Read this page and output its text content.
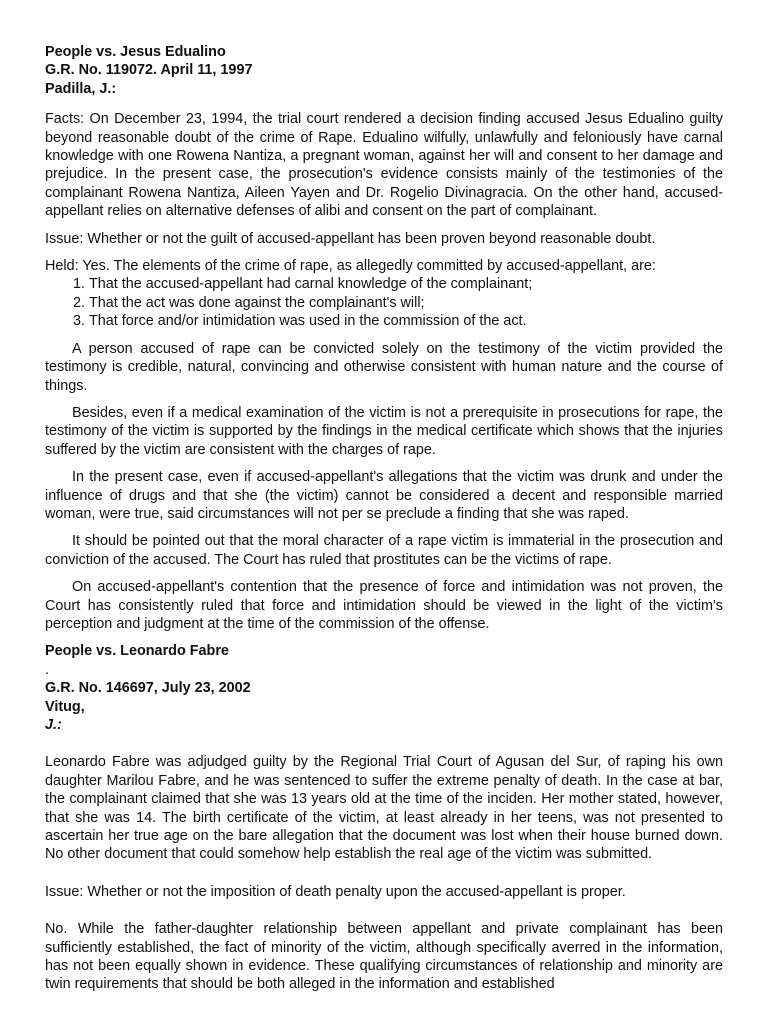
People vs. Jesus Edualino
G.R. No. 119072. April 11, 1997
Padilla, J.:

Facts: On December 23, 1994, the trial court rendered a decision finding accused Jesus Edualino guilty beyond reasonable doubt of the crime of Rape. Edualino wilfully, unlawfully and feloniously have carnal knowledge with one Rowena Nantiza, a pregnant woman, against her will and consent to her damage and prejudice. In the present case, the prosecution's evidence consists mainly of the testimonies of the complainant Rowena Nantiza, Aileen Yayen and Dr. Rogelio Divinagracia. On the other hand, accused-appellant relies on alternative defenses of alibi and consent on the part of complainant.

Issue: Whether or not the guilt of accused-appellant has been proven beyond reasonable doubt.

Held: Yes. The elements of the crime of rape, as allegedly committed by accused-appellant, are:

1. That the accused-appellant had carnal knowledge of the complainant;
2. That the act was done against the complainant's will;
3. That force and/or intimidation was used in the commission of the act.

A person accused of rape can be convicted solely on the testimony of the victim provided the testimony is credible, natural, convincing and otherwise consistent with human nature and the course of things.

Besides, even if a medical examination of the victim is not a prerequisite in prosecutions for rape, the testimony of the victim is supported by the findings in the medical certificate which shows that the injuries suffered by the victim are consistent with the charges of rape.

In the present case, even if accused-appellant's allegations that the victim was drunk and under the influence of drugs and that she (the victim) cannot be considered a decent and responsible married woman, were true, said circumstances will not per se preclude a finding that she was raped.

It should be pointed out that the moral character of a rape victim is immaterial in the prosecution and conviction of the accused. The Court has ruled that prostitutes can be the victims of rape.

On accused-appellant's contention that the presence of force and intimidation was not proven, the Court has consistently ruled that force and intimidation should be viewed in the light of the victim's perception and judgment at the time of the commission of the offense.

People vs. Leonardo Fabre
.
G.R. No. 146697, July 23, 2002
Vitug,
J.:

Leonardo Fabre was adjudged guilty by the Regional Trial Court of Agusan del Sur, of raping his own daughter Marilou Fabre, and he was sentenced to suffer the extreme penalty of death. In the case at bar, the complainant claimed that she was 13 years old at the time of the inciden. Her mother stated, however, that she was 14. The birth certificate of the victim, at least already in her teens, was not presented to ascertain her true age on the bare allegation that the document was lost when their house burned down. No other document that could somehow help establish the real age of the victim was submitted.

Issue: Whether or not the imposition of death penalty upon the accused-appellant is proper.

No. While the father-daughter relationship between appellant and private complainant has been sufficiently established, the fact of minority of the victim, although specifically averred in the information, has not been equally shown in evidence. These qualifying circumstances of relationship and minority are twin requirements that should be both alleged in the information and established
